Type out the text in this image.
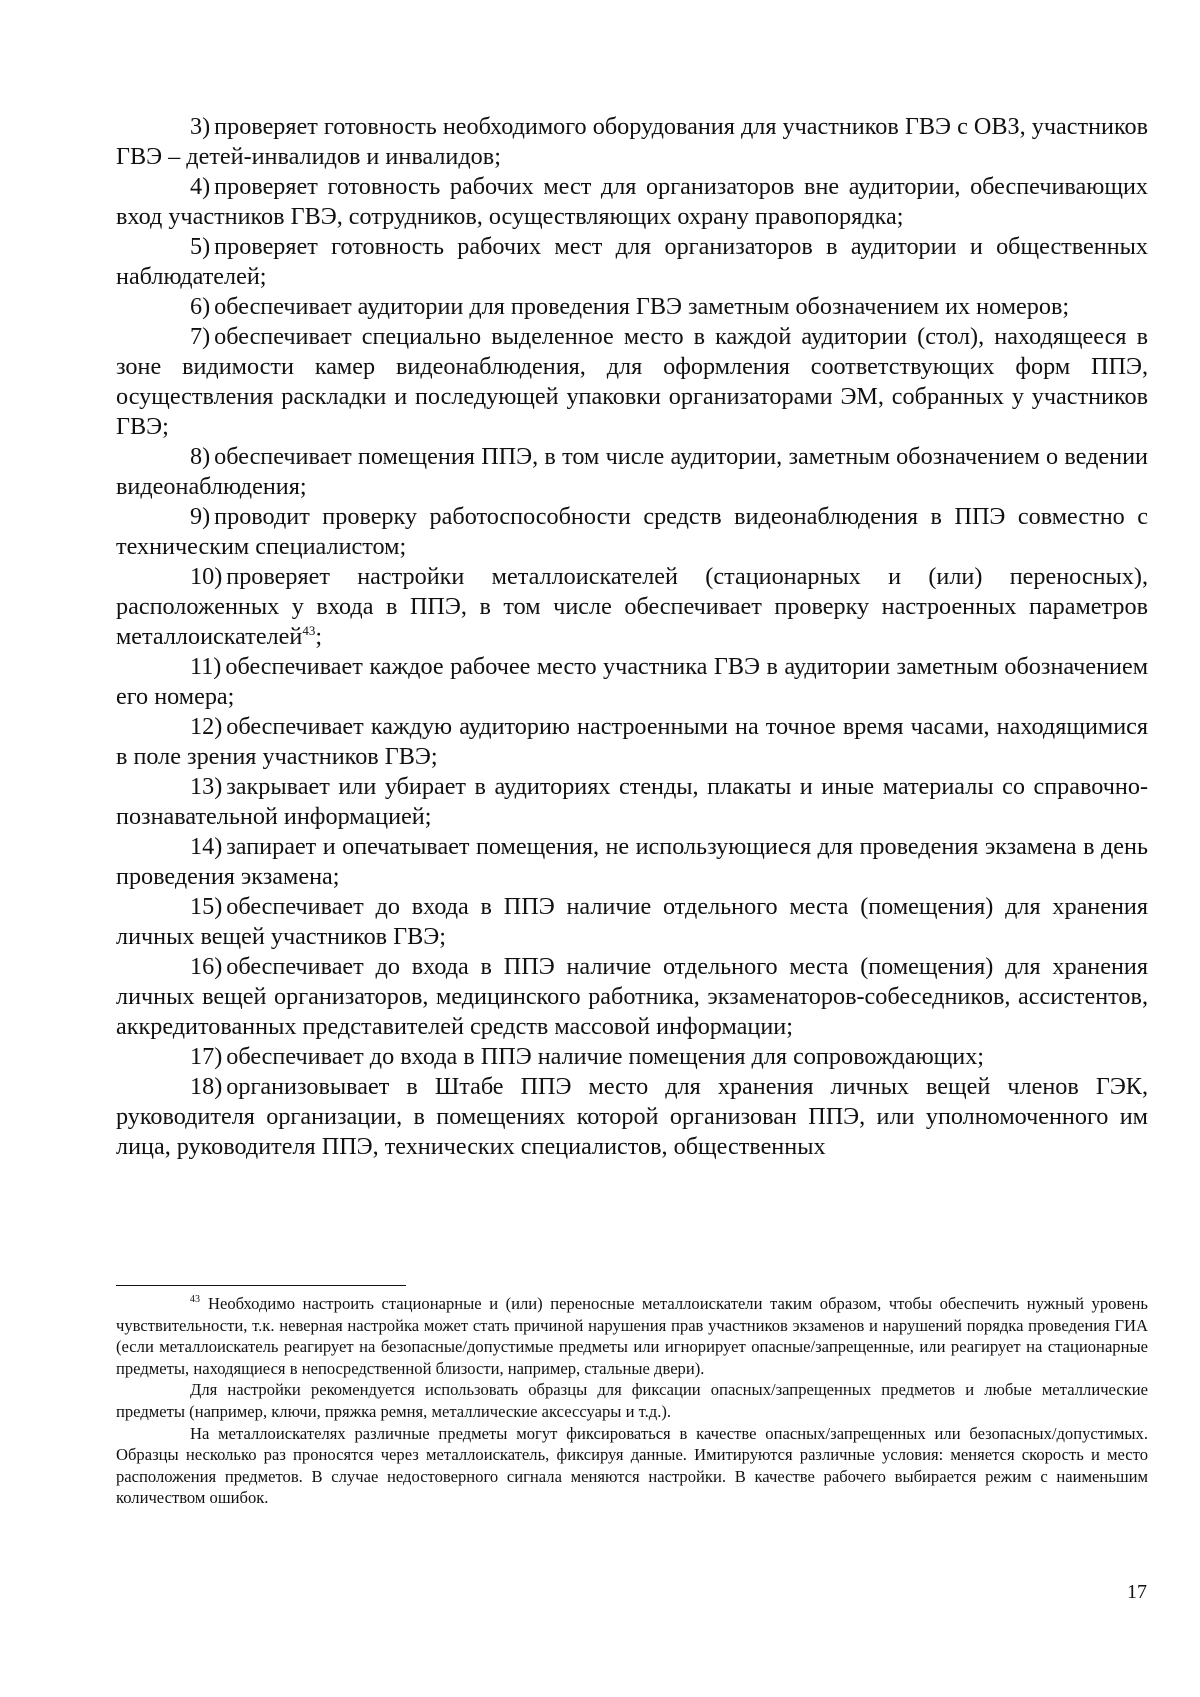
3) проверяет готовность необходимого оборудования для участников ГВЭ с ОВЗ, участников ГВЭ – детей-инвалидов и инвалидов;

4) проверяет готовность рабочих мест для организаторов вне аудитории, обеспечивающих вход участников ГВЭ, сотрудников, осуществляющих охрану правопорядка;

5) проверяет готовность рабочих мест для организаторов в аудитории и общественных наблюдателей;

6) обеспечивает аудитории для проведения ГВЭ заметным обозначением их номеров;

7) обеспечивает специально выделенное место в каждой аудитории (стол), находящееся в зоне видимости камер видеонаблюдения, для оформления соответствующих форм ППЭ, осуществления раскладки и последующей упаковки организаторами ЭМ, собранных у участников ГВЭ;

8) обеспечивает помещения ППЭ, в том числе аудитории, заметным обозначением о ведении видеонаблюдения;

9) проводит проверку работоспособности средств видеонаблюдения в ППЭ совместно с техническим специалистом;

10) проверяет настройки металлоискателей (стационарных и (или) переносных), расположенных у входа в ППЭ, в том числе обеспечивает проверку настроенных параметров металлоискателей$^{43}$;

11) обеспечивает каждое рабочее место участника ГВЭ в аудитории заметным обозначением его номера;

12) обеспечивает каждую аудиторию настроенными на точное время часами, находящимися в поле зрения участников ГВЭ;

13) закрывает или убирает в аудиториях стенды, плакаты и иные материалы со справочно-познавательной информацией;

14) запирает и опечатывает помещения, не использующиеся для проведения экзамена в день проведения экзамена;

15) обеспечивает до входа в ППЭ наличие отдельного места (помещения) для хранения личных вещей участников ГВЭ;

16) обеспечивает до входа в ППЭ наличие отдельного места (помещения) для хранения личных вещей организаторов, медицинского работника, экзаменаторов-собеседников, ассистентов, аккредитованных представителей средств массовой информации;

17) обеспечивает до входа в ППЭ наличие помещения для сопровождающих;

18) организовывает в Штабе ППЭ место для хранения личных вещей членов ГЭК, руководителя организации, в помещениях которой организован ППЭ, или уполномоченного им лица, руководителя ППЭ, технических специалистов, общественных

$^{43}$ Необходимо настроить стационарные и (или) переносные металлоискатели таким образом, чтобы обеспечить нужный уровень чувствительности, т.к. неверная настройка может стать причиной нарушения прав участников экзаменов и нарушений порядка проведения ГИА (если металлоискатель реагирует на безопасные/допустимые предметы или игнорирует опасные/запрещенные, или реагирует на стационарные предметы, находящиеся в непосредственной близости, например, стальные двери).

Для настройки рекомендуется использовать образцы для фиксации опасных/запрещенных предметов и любые металлические предметы (например, ключи, пряжка ремня, металлические аксессуары и т.д.).

На металлоискателях различные предметы могут фиксироваться в качестве опасных/запрещенных или безопасных/допустимых. Образцы несколько раз проносятся через металлоискатель, фиксируя данные. Имитируются различные условия: меняется скорость и место расположения предметов. В случае недостоверного сигнала меняются настройки. В качестве рабочего выбирается режим с наименьшим количеством ошибок.

17
